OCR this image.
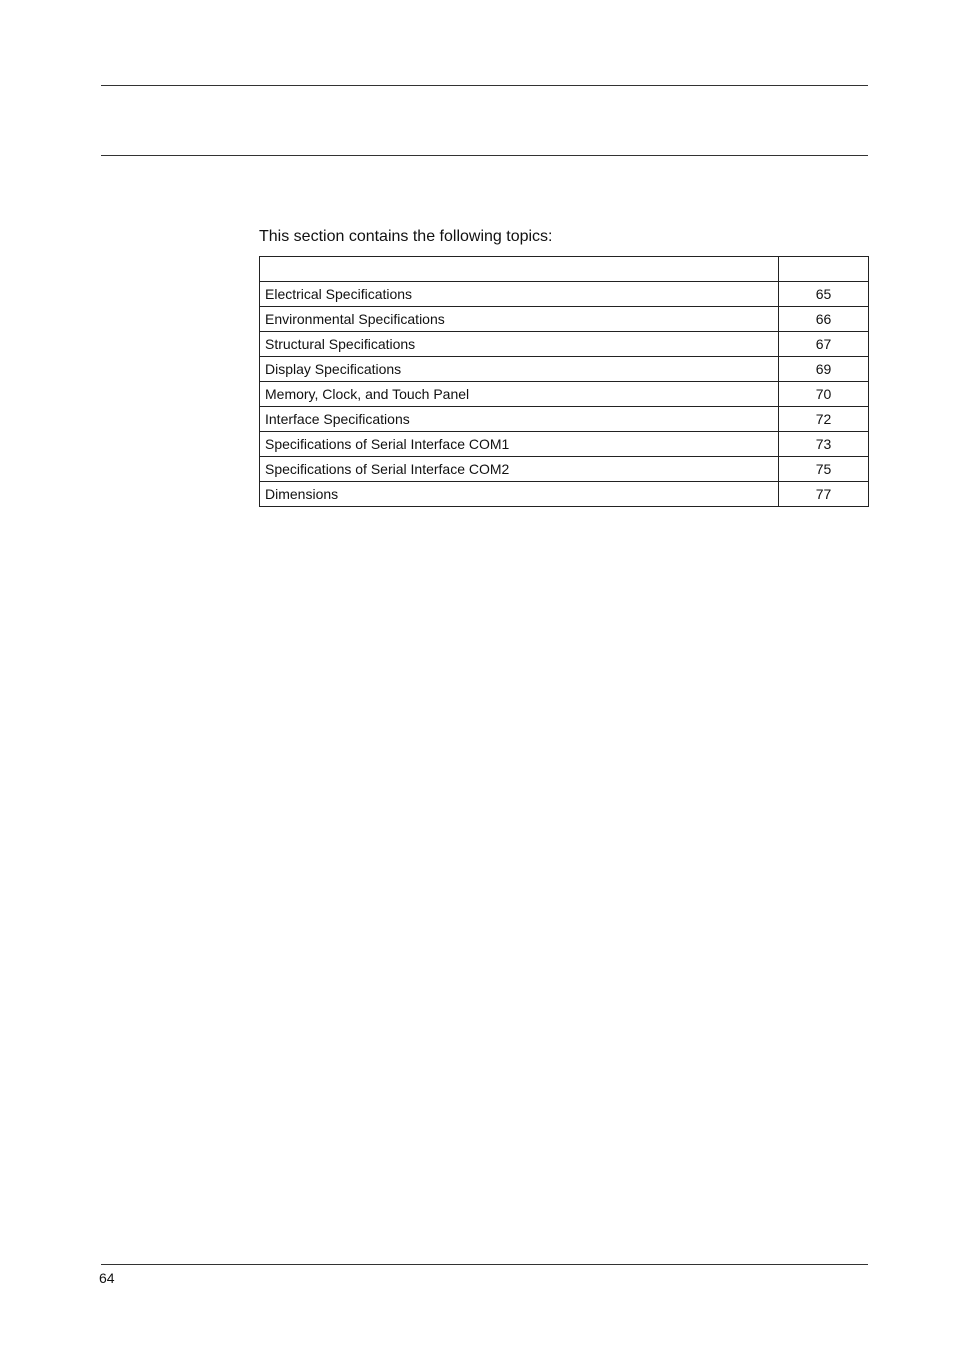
This section contains the following topics:

Electrical Specifications	65
Environmental Specifications	66
Structural Specifications	67
Display Specifications	69
Memory, Clock, and Touch Panel	70
Interface Specifications	72
Specifications of Serial Interface COM1	73
Specifications of Serial Interface COM2	75
Dimensions	77
64
